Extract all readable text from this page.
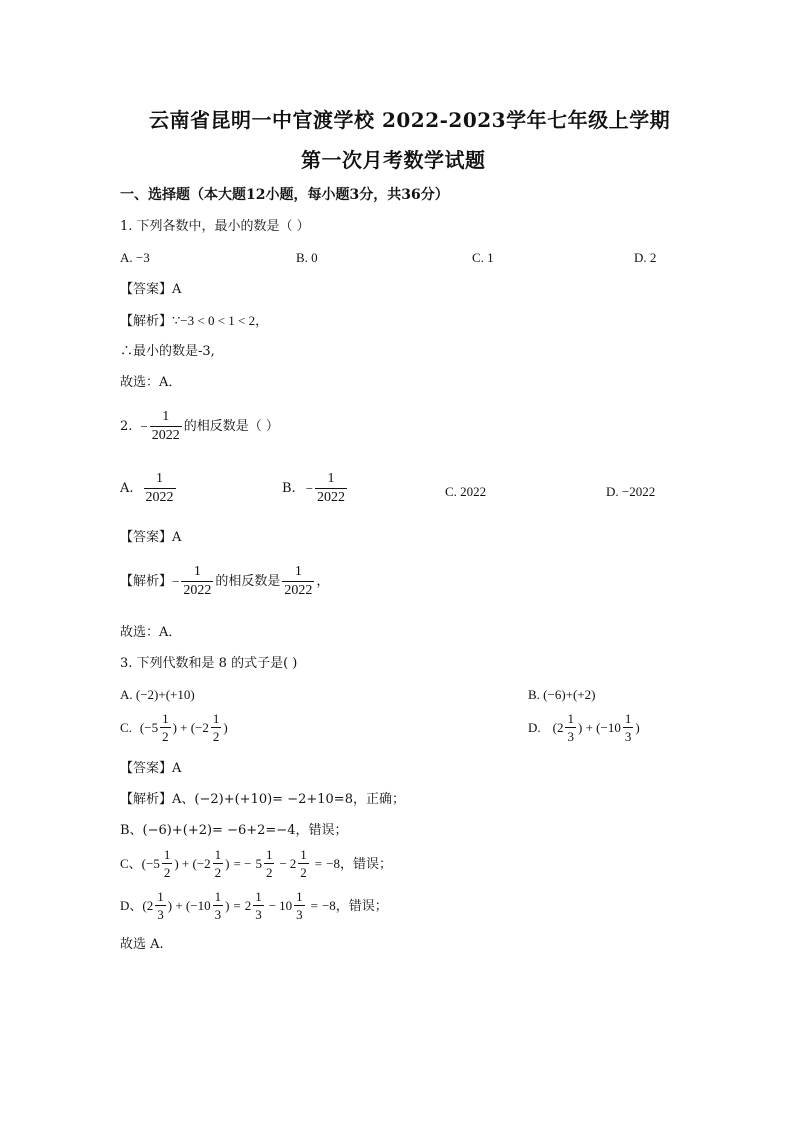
云南省昆明一中官渡学校 2022-2023学年七年级上学期
第一次月考数学试题
一、选择题（本大题12小题，每小题3分，共36分）
1. 下列各数中，最小的数是（ ）
A. −3	B. 0	C. 1	D. 2
【答案】A
【解析】∵−3 < 0 < 1 < 2，
∴最小的数是-3,
故选：A．
2. − $\frac{1}{2022}$ 的相反数是（ ）
A. $\frac{1}{2022}$	B. − $\frac{1}{2022}$	C. 2022	D. −2022
【答案】A
【解析】 − $\frac{1}{2022}$ 的相反数是 $\frac{1}{2022}$ ，
故选：A．
3. 下列代数和是 8 的式子是( )
A. (−2)+(+10)	B. (−6)+(+2)
C. (− $5 \frac{1}{2}$ ) + (− $2 \frac{1}{2}$ )	D. ( $2 \frac{1}{3}$ ) + (− $10 \frac{1}{3}$ )
【答案】A
【解析】A、(−2)+(+10)= −2+10=8，正确；
B、(−6)+(+2)= −6+2=−4，错误；
C、 (− $5 \frac{1}{2}$ ) + (− $2 \frac{1}{2}$ ) = − $5 \frac{1}{2} - 2 \frac{1}{2} = -8$ ，错误；
D、 ( $2 \frac{1}{3}$ ) + (− $10 \frac{1}{3}$ ) = $2 \frac{1}{3} - 10 \frac{1}{3} = -8$ ，错误；
故选 A.
